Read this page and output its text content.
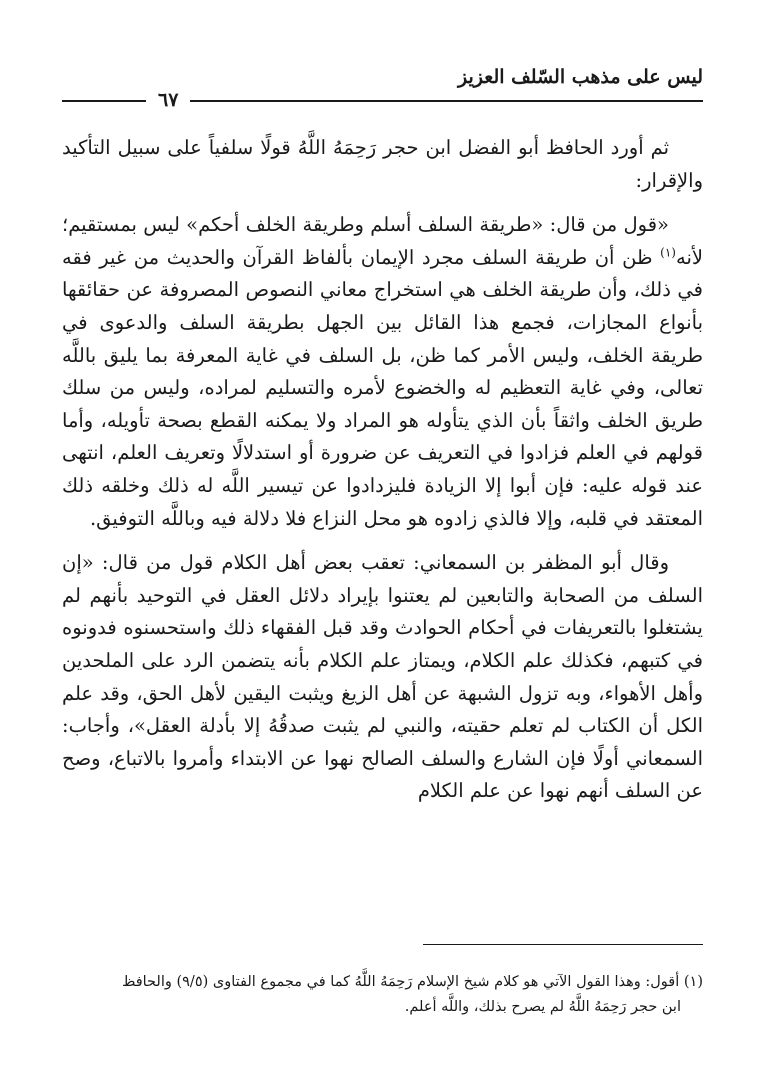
ليس على مذهب السّلف العزيز
٦٧

ثم أورد الحافظ أبو الفضل ابن حجر رَحِمَهُ اللَّهُ قولًا سلفياً على سبيل التأكيد والإقرار:

«قول من قال: «طريقة السلف أسلم وطريقة الخلف أحكم» ليس بمستقيم؛ لأنه$^{(١)}$ ظن أن طريقة السلف مجرد الإيمان بألفاظ القرآن والحديث من غير فقه في ذلك، وأن طريقة الخلف هي استخراج معاني النصوص المصروفة عن حقائقها بأنواع المجازات، فجمع هذا القائل بين الجهل بطريقة السلف والدعوى في طريقة الخلف، وليس الأمر كما ظن، بل السلف في غاية المعرفة بما يليق باللَّه تعالى، وفي غاية التعظيم له والخضوع لأمره والتسليم لمراده، وليس من سلك طريق الخلف واثقاً بأن الذي يتأوله هو المراد ولا يمكنه القطع بصحة تأويله، وأما قولهم في العلم فزادوا في التعريف عن ضرورة أو استدلالًا وتعريف العلم، انتهى عند قوله عليه: فإن أبوا إلا الزيادة فليزدادوا عن تيسير اللَّه له ذلك وخلقه ذلك المعتقد في قلبه، وإلا فالذي زادوه هو محل النزاع فلا دلالة فيه وباللَّه التوفيق.

وقال أبو المظفر بن السمعاني: تعقب بعض أهل الكلام قول من قال: «إن السلف من الصحابة والتابعين لم يعتنوا بإيراد دلائل العقل في التوحيد بأنهم لم يشتغلوا بالتعريفات في أحكام الحوادث وقد قبل الفقهاء ذلك واستحسنوه فدونوه في كتبهم، فكذلك علم الكلام، ويمتاز علم الكلام بأنه يتضمن الرد على الملحدين وأهل الأهواء، وبه تزول الشبهة عن أهل الزيغ ويثبت اليقين لأهل الحق، وقد علم الكل أن الكتاب لم تعلم حقيته، والنبي لم يثبت صدقُهُ إلا بأدلة العقل»، وأجاب: السمعاني أولًا فإن الشارع والسلف الصالح نهوا عن الابتداء وأمروا بالاتباع، وصح عن السلف أنهم نهوا عن علم الكلام

(١) أقول: وهذا القول الآتي هو كلام شيخ الإسلام رَحِمَهُ اللَّهُ كما في مجموع الفتاوى (٩/٥) والحافظ

ابن حجر رَحِمَهُ اللَّهُ لم يصرح بذلك، واللَّه أعلم.
